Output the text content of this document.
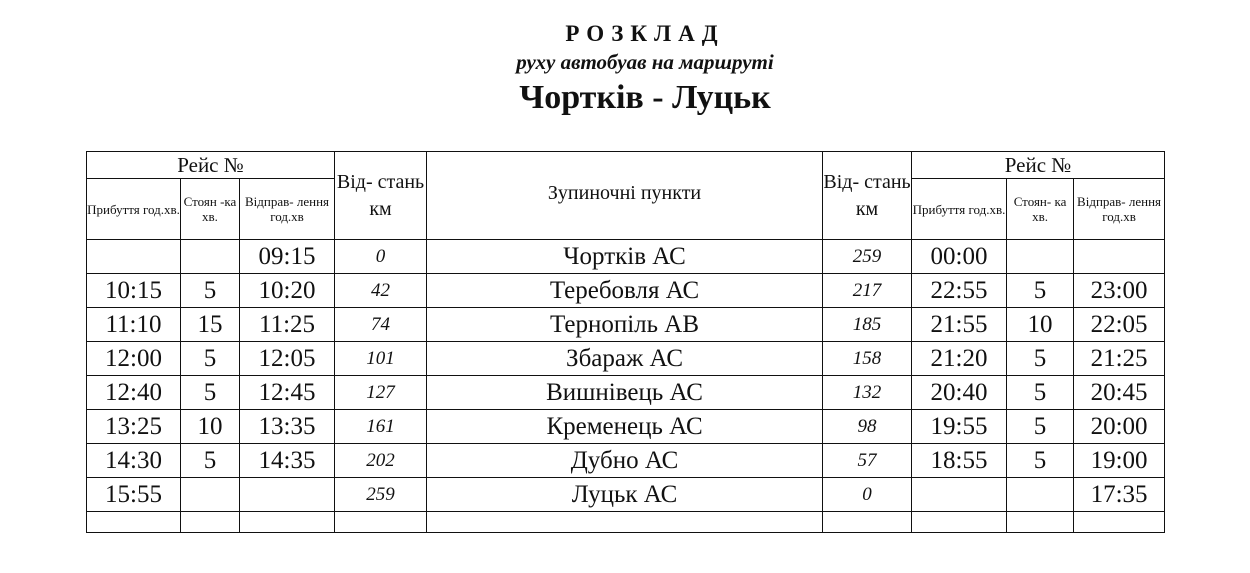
РОЗКЛАД
руху автобуав на маршруті
Чортків - Луцьк
Рейс №			Від- стань км	Зупиночні пункти	Від- стань км	Рейс №		
Прибуття год.хв.	Стоян -ка хв.	Відправ- лення год.хв				Прибуття год.хв.	Стоян- ка хв.	Відправ- лення год.хв
		09:15	0	Чортків АС	259	00:00		
10:15	5	10:20	42	Теребовля АС	217	22:55	5	23:00
11:10	15	11:25	74	Тернопіль АВ	185	21:55	10	22:05
12:00	5	12:05	101	Збараж АС	158	21:20	5	21:25
12:40	5	12:45	127	Вишнівець АС	132	20:40	5	20:45
13:25	10	13:35	161	Кременець АС	98	19:55	5	20:00
14:30	5	14:35	202	Дубно АС	57	18:55	5	19:00
15:55			259	Луцьк АС	0			17:35
